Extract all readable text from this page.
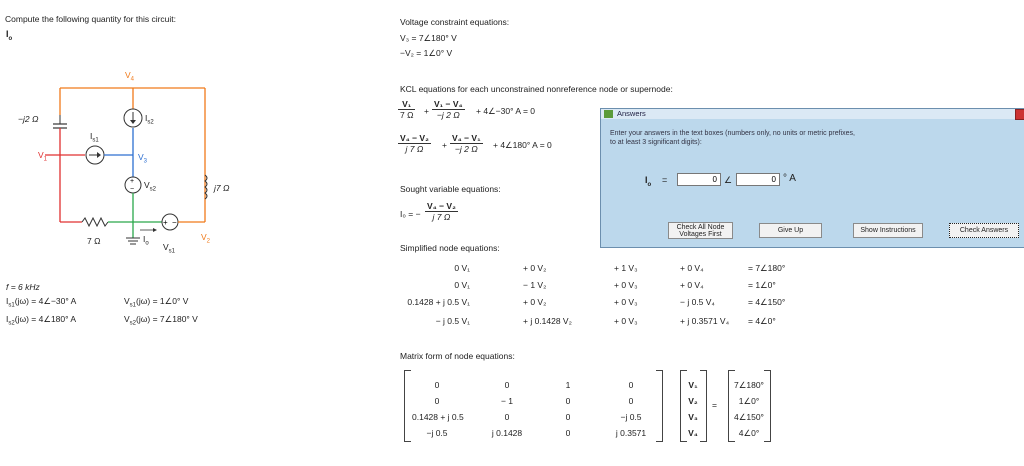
Compute the following quantity for this circuit:
$I_o$
+
−
+ −
$V_4$
−j2 Ω	$I_{s2}$
$I_{s1}$
$V_1$	$V_3$
$V_{s2}$	j7 Ω
7 Ω	$I_o$ $V_{s1}$
$V_2$
f = 6 kHz
$I_{s1}(j\omega)$ = 4∠−30° A	$V_{s1}(j\omega)$ = 1∠0° V
$I_{s2}(j\omega)$ = 4∠180° A	$V_{s2}(j\omega)$ = 7∠180° V
Voltage constraint equations:
V₃ = 7∠180° V
−V₂ = 1∠0° V
KCL equations for each unconstrained nonreference node or supernode:
$\frac{\text{V₁}}{7 \Omega} + \frac{\text{V₁ − V₄}}{-j 2 \Omega}$ + 4∠−30° A = 0
$\frac{\text{V₄ − V₂}}{j 7 \Omega} + \frac{\text{V₄ − V₁}}{-j 2 \Omega}$ + 4∠180° A = 0
Sought variable equations:
I₀ = − $\frac{\text{V₄ − V₂}}{j 7 \Omega}$
Simplified node equations:
0 V₁	+ 0 V₂	+ 1 V₃	+ 0 V₄	= 7∠180°
0 V₁	− 1 V₂	+ 0 V₃	+ 0 V₄	= 1∠0°
0.1428 + j 0.5 V₁	+ 0 V₂	+ 0 V₃	− j 0.5 V₄	= 4∠150°
− j 0.5 V₁	+ j 0.1428 V₂	+ 0 V₃	+ j 0.3571 V₄	= 4∠0°
Matrix form of node equations:
=
0	0	1	0	V₁	7∠180°
0	− 1	0	0	V₂	1∠0°
0.1428 + j 0.5	0	0	−j 0.5	V₃	4∠150°
−j 0.5	j 0.1428	0	j 0.3571	V₄	4∠0°
Answers
Enter your answers in the text boxes (numbers only, no units or metric prefixes, to at least 3 significant digits):
$I_o$ =
0	∠
0	° A
Check All Node Voltages First	Give Up	Show Instructions	Check Answers
